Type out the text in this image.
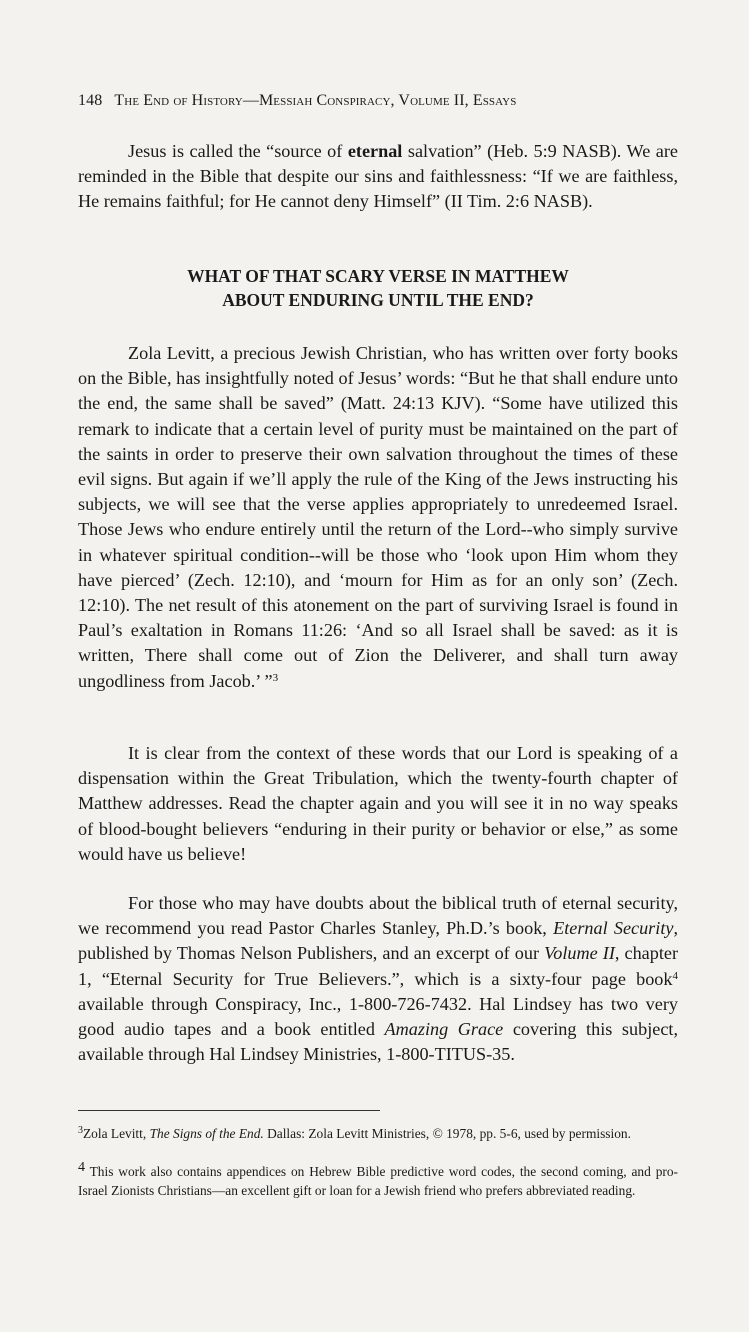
148 The End of History—Messiah Conspiracy, Volume II, Essays
Jesus is called the “source of eternal salvation” (Heb. 5:9 NASB). We are reminded in the Bible that despite our sins and faithlessness: “If we are faithless, He remains faithful; for He cannot deny Himself” (II Tim. 2:6 NASB).
WHAT OF THAT SCARY VERSE IN MATTHEW
ABOUT ENDURING UNTIL THE END?
Zola Levitt, a precious Jewish Christian, who has written over forty books on the Bible, has insightfully noted of Jesus’ words: “But he that shall endure unto the end, the same shall be saved” (Matt. 24:13 KJV). “Some have utilized this remark to indicate that a certain level of purity must be maintained on the part of the saints in order to preserve their own salvation throughout the times of these evil signs. But again if we’ll apply the rule of the King of the Jews instructing his subjects, we will see that the verse applies appropriately to unredeemed Israel. Those Jews who endure entirely until the return of the Lord--who simply survive in whatever spiritual condition--will be those who ‘look upon Him whom they have pierced’ (Zech. 12:10), and ‘mourn for Him as for an only son’ (Zech. 12:10). The net result of this atonement on the part of surviving Israel is found in Paul’s exaltation in Romans 11:26: ‘And so all Israel shall be saved: as it is written, There shall come out of Zion the Deliverer, and shall turn away ungodliness from Jacob.’ ”$^3$
It is clear from the context of these words that our Lord is speaking of a dispensation within the Great Tribulation, which the twenty-fourth chapter of Matthew addresses. Read the chapter again and you will see it in no way speaks of blood-bought believers “enduring in their purity or behavior or else,” as some would have us believe!
For those who may have doubts about the biblical truth of eternal security, we recommend you read Pastor Charles Stanley, Ph.D.’s book, Eternal Security, published by Thomas Nelson Publishers, and an excerpt of our Volume II, chapter 1, “Eternal Security for True Believers.”, which is a sixty-four page book$^4$ available through Conspiracy, Inc., 1-800-726-7432. Hal Lindsey has two very good audio tapes and a book entitled Amazing Grace covering this subject, available through Hal Lindsey Ministries, 1-800-TITUS-35.
$^3$Zola Levitt, The Signs of the End. Dallas: Zola Levitt Ministries, © 1978, pp. 5-6, used by permission.
$^4$ This work also contains appendices on Hebrew Bible predictive word codes, the second coming, and pro-Israel Zionists Christians—an excellent gift or loan for a Jewish friend who prefers abbreviated reading.
